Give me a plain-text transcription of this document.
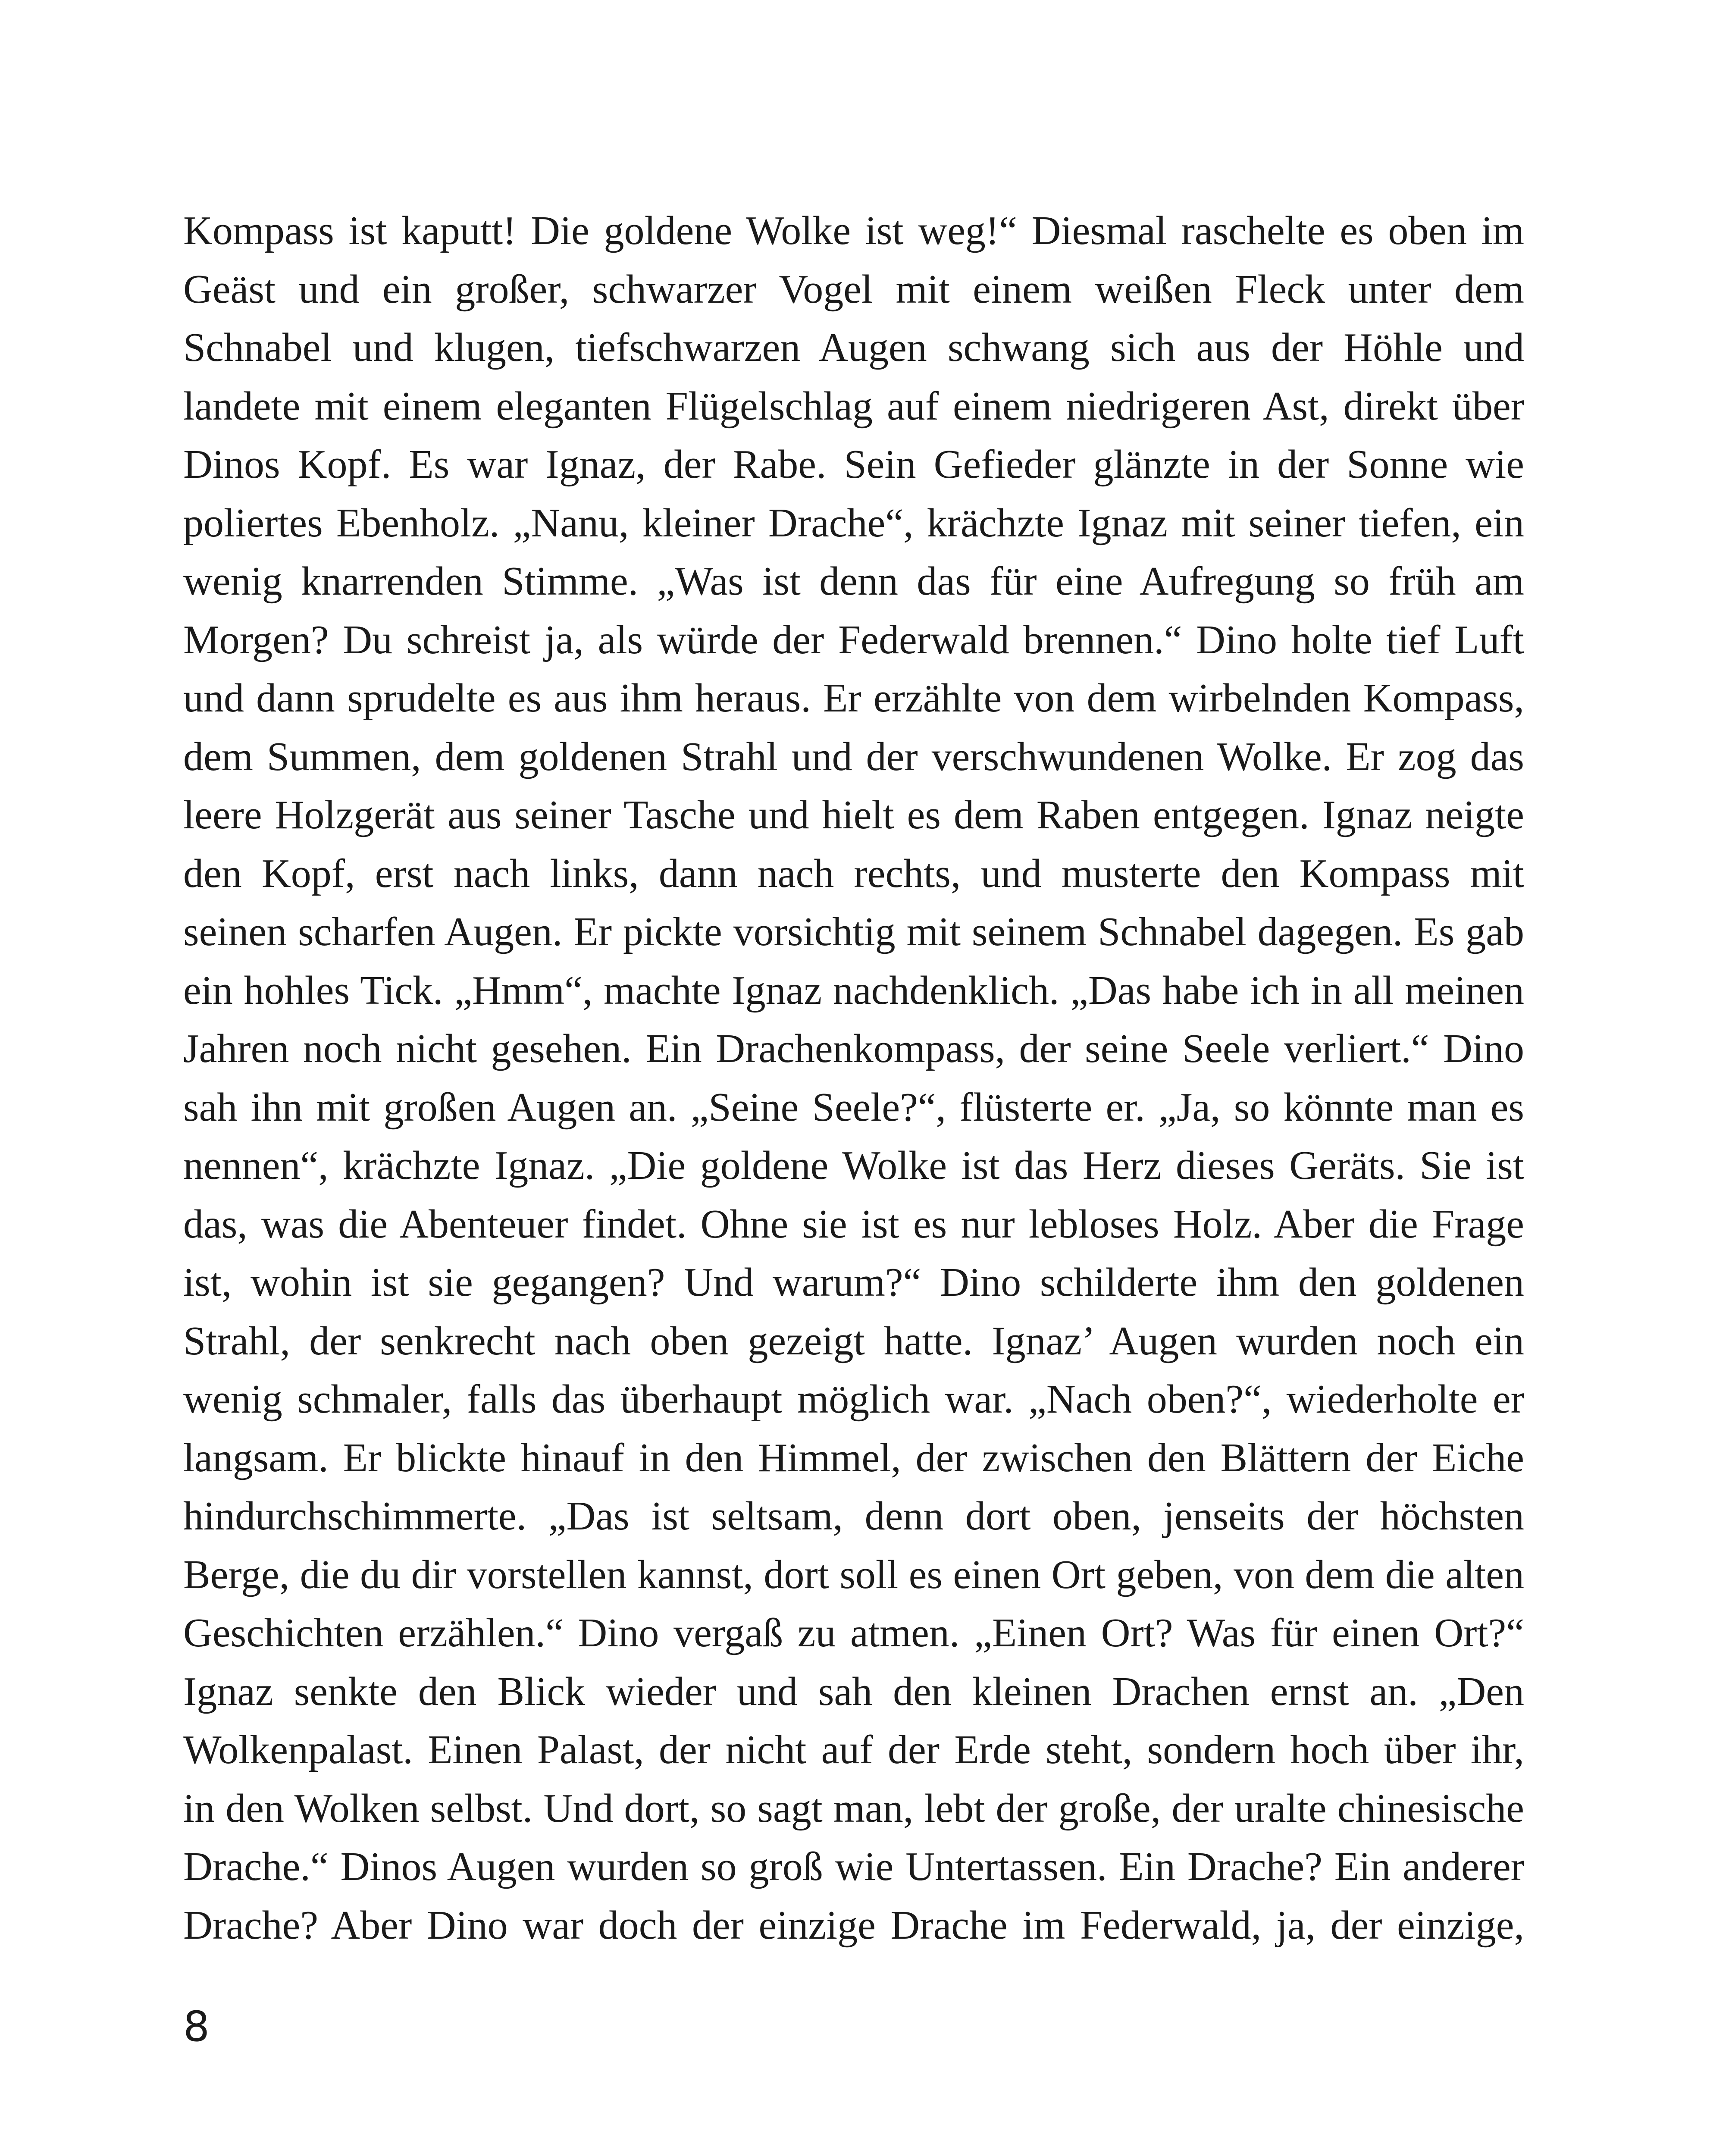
Kompass ist kaputt! Die goldene Wolke ist weg!“ Diesmal raschelte es oben im
Geäst und ein großer, schwarzer Vogel mit einem weißen Fleck unter dem
Schnabel und klugen, tiefschwarzen Augen schwang sich aus der Höhle und
landete mit einem eleganten Flügelschlag auf einem niedrigeren Ast, direkt über
Dinos Kopf. Es war Ignaz, der Rabe. Sein Gefieder glänzte in der Sonne wie
poliertes Ebenholz. „Nanu, kleiner Drache“, krächzte Ignaz mit seiner tiefen, ein
wenig knarrenden Stimme. „Was ist denn das für eine Aufregung so früh am
Morgen? Du schreist ja, als würde der Federwald brennen.“ Dino holte tief Luft
und dann sprudelte es aus ihm heraus. Er erzählte von dem wirbelnden Kompass,
dem Summen, dem goldenen Strahl und der verschwundenen Wolke. Er zog das
leere Holzgerät aus seiner Tasche und hielt es dem Raben entgegen. Ignaz neigte
den Kopf, erst nach links, dann nach rechts, und musterte den Kompass mit
seinen scharfen Augen. Er pickte vorsichtig mit seinem Schnabel dagegen. Es gab
ein hohles Tick. „Hmm“, machte Ignaz nachdenklich. „Das habe ich in all meinen
Jahren noch nicht gesehen. Ein Drachenkompass, der seine Seele verliert.“ Dino
sah ihn mit großen Augen an. „Seine Seele?“, flüsterte er. „Ja, so könnte man es
nennen“, krächzte Ignaz. „Die goldene Wolke ist das Herz dieses Geräts. Sie ist
das, was die Abenteuer findet. Ohne sie ist es nur lebloses Holz. Aber die Frage
ist, wohin ist sie gegangen? Und warum?“ Dino schilderte ihm den goldenen
Strahl, der senkrecht nach oben gezeigt hatte. Ignaz’ Augen wurden noch ein
wenig schmaler, falls das überhaupt möglich war. „Nach oben?“, wiederholte er
langsam. Er blickte hinauf in den Himmel, der zwischen den Blättern der Eiche
hindurchschimmerte. „Das ist seltsam, denn dort oben, jenseits der höchsten
Berge, die du dir vorstellen kannst, dort soll es einen Ort geben, von dem die alten
Geschichten erzählen.“ Dino vergaß zu atmen. „Einen Ort? Was für einen Ort?“
Ignaz senkte den Blick wieder und sah den kleinen Drachen ernst an. „Den
Wolkenpalast. Einen Palast, der nicht auf der Erde steht, sondern hoch über ihr,
in den Wolken selbst. Und dort, so sagt man, lebt der große, der uralte chinesische
Drache.“ Dinos Augen wurden so groß wie Untertassen. Ein Drache? Ein anderer
Drache? Aber Dino war doch der einzige Drache im Federwald, ja, der einzige,
8
